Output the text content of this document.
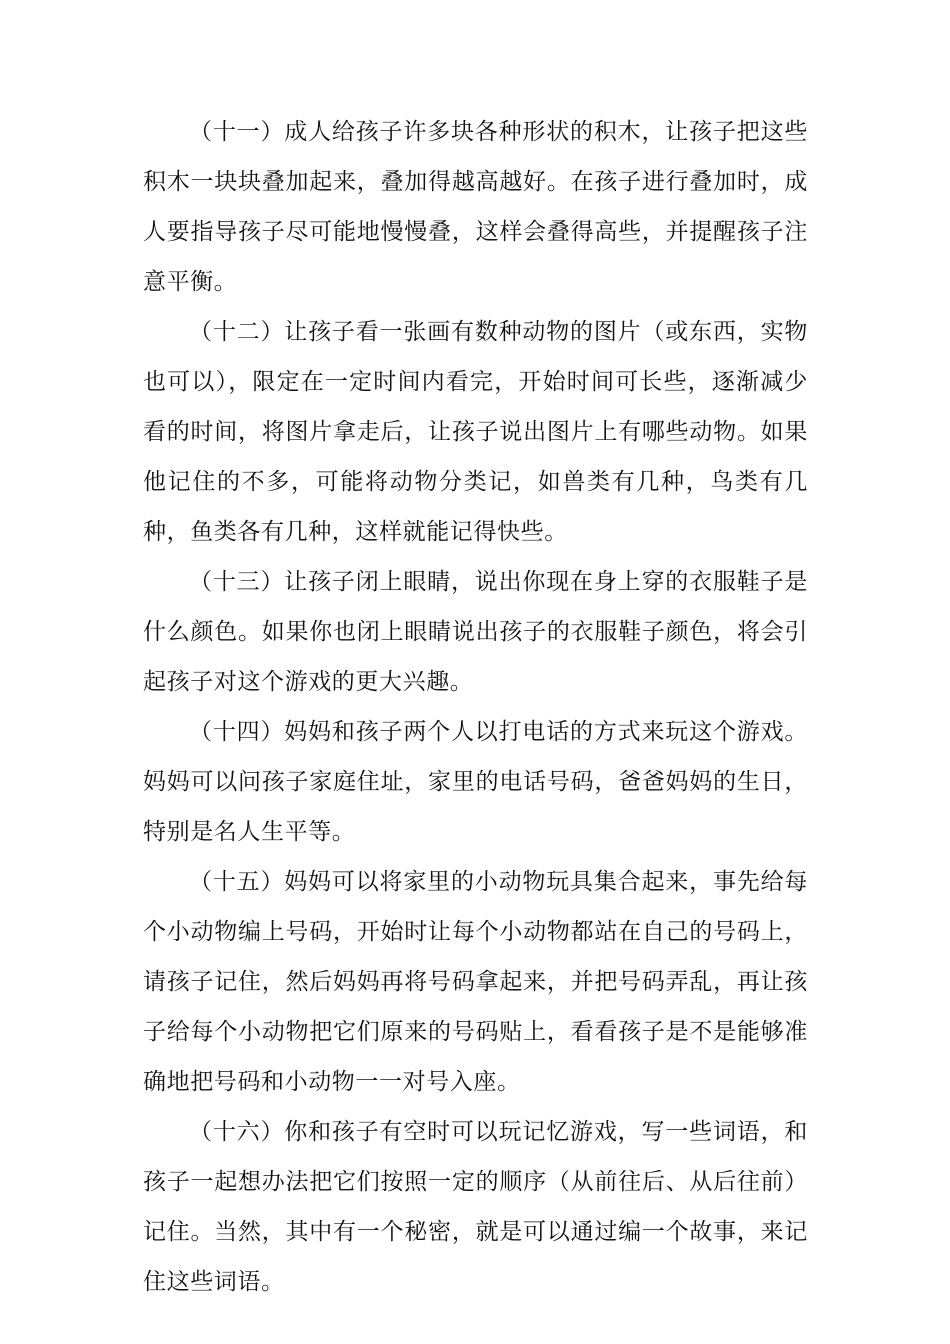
（十一）成人给孩子许多块各种形状的积木，让孩子把这些积木一块块叠加起来，叠加得越高越好。在孩子进行叠加时，成人要指导孩子尽可能地慢慢叠，这样会叠得高些，并提醒孩子注意平衡。

（十二）让孩子看一张画有数种动物的图片（或东西，实物也可以），限定在一定时间内看完，开始时间可长些，逐渐减少看的时间，将图片拿走后，让孩子说出图片上有哪些动物。如果他记住的不多，可能将动物分类记，如兽类有几种，鸟类有几种，鱼类各有几种，这样就能记得快些。

（十三）让孩子闭上眼睛，说出你现在身上穿的衣服鞋子是什么颜色。如果你也闭上眼睛说出孩子的衣服鞋子颜色，将会引起孩子对这个游戏的更大兴趣。

（十四）妈妈和孩子两个人以打电话的方式来玩这个游戏。妈妈可以问孩子家庭住址，家里的电话号码，爸爸妈妈的生日，特别是名人生平等。

（十五）妈妈可以将家里的小动物玩具集合起来，事先给每个小动物编上号码，开始时让每个小动物都站在自己的号码上，请孩子记住，然后妈妈再将号码拿起来，并把号码弄乱，再让孩子给每个小动物把它们原来的号码贴上，看看孩子是不是能够准确地把号码和小动物一一对号入座。

（十六）你和孩子有空时可以玩记忆游戏，写一些词语，和孩子一起想办法把它们按照一定的顺序（从前往后、从后往前）记住。当然，其中有一个秘密，就是可以通过编一个故事，来记住这些词语。
